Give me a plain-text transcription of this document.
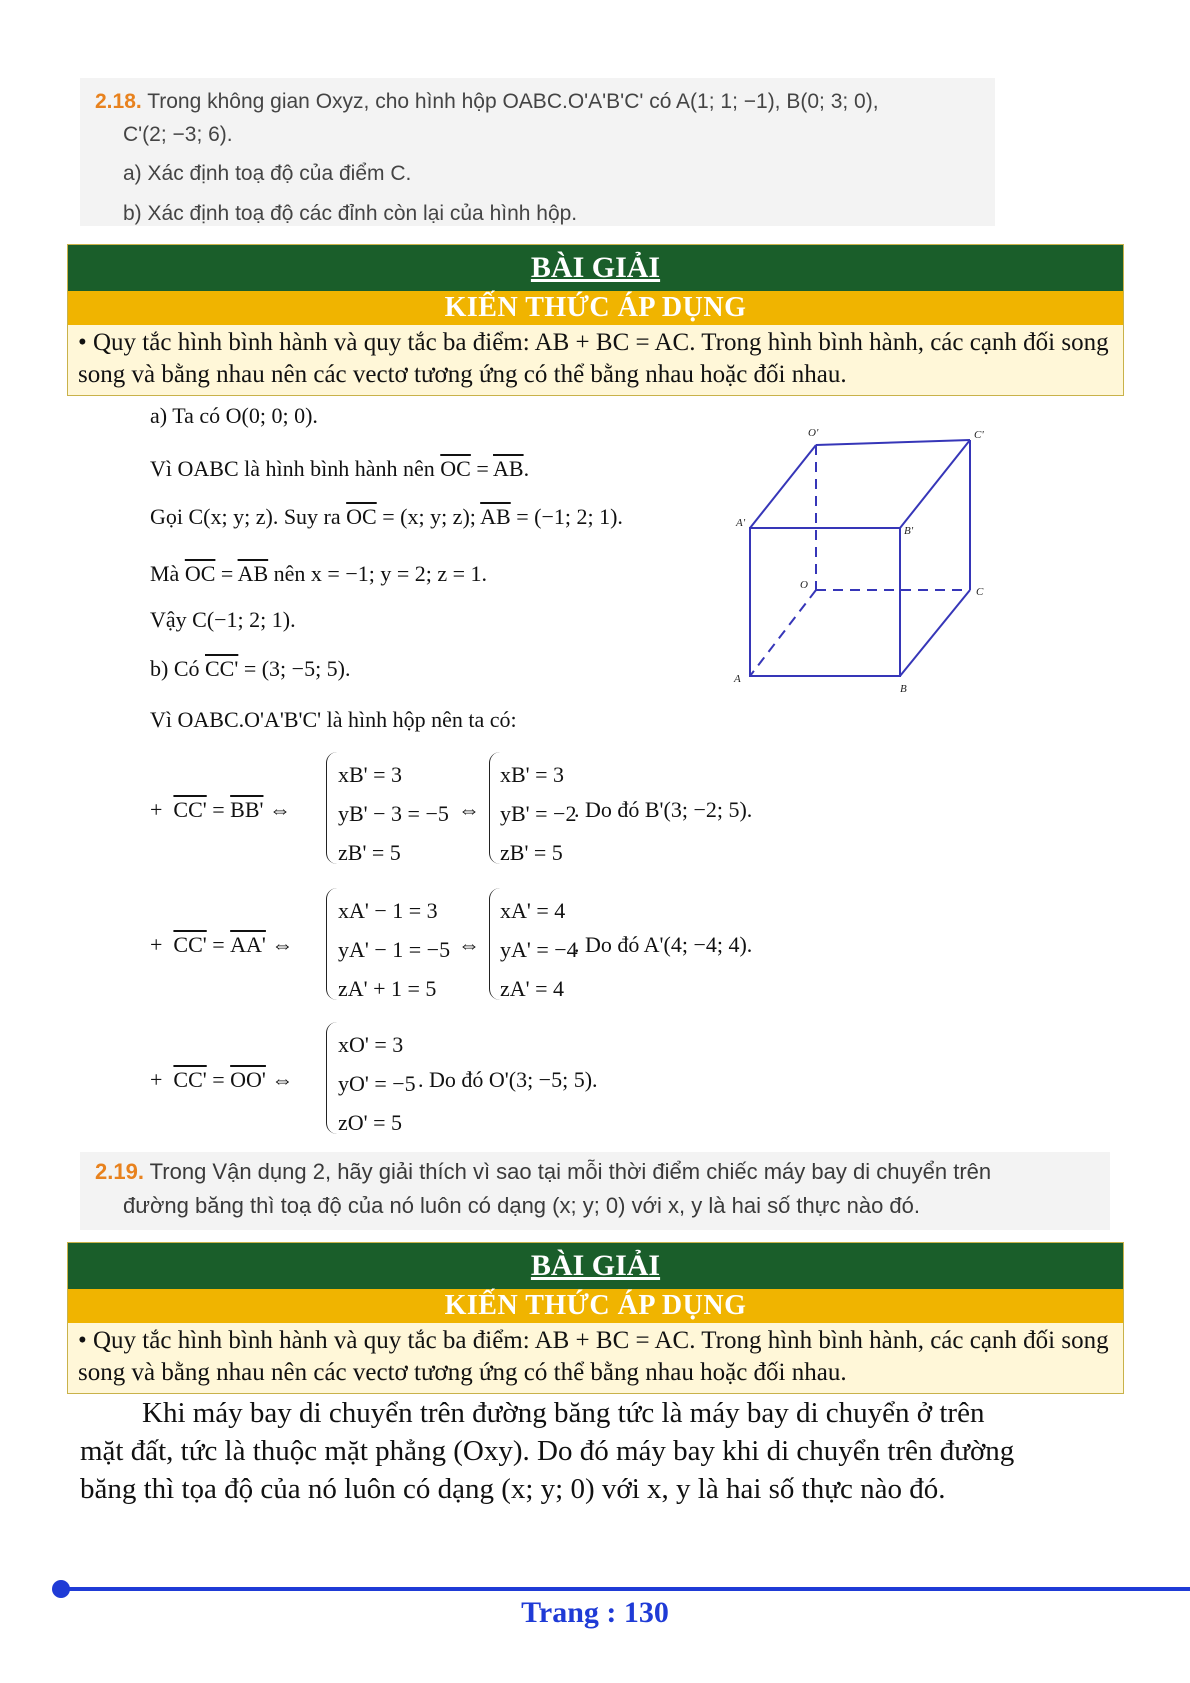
2.18. Trong không gian Oxyz, cho hình hộp OABC.O'A'B'C' có A(1; 1; −1), B(0; 3; 0),
C'(2; −3; 6).
a) Xác định toạ độ của điểm C.
b) Xác định toạ độ các đỉnh còn lại của hình hộp.
BÀI GIẢI
KIẾN THỨC ÁP DỤNG
• Quy tắc hình bình hành và quy tắc ba điểm: AB + BC = AC. Trong hình bình hành, các cạnh đối song song và bằng nhau nên các vectơ tương ứng có thể bằng nhau hoặc đối nhau.
a) Ta có O(0; 0; 0).
Vì OABC là hình bình hành nên $\overline{OC} = \overline{AB}$.
Gọi C(x; y; z). Suy ra $\overline{OC} = (x$; y; z); $\overline{AB} = (-1$; 2; 1).
Mà $\overline{OC} = \overline{AB}$ nên x = −1; y = 2; z = 1.
Vậy C(−1; 2; 1).
b) Có CC' = (3; −5; 5).
Vì OABC.O'A'B'C' là hình hộp nên ta có:
+ CC' = BB' ⇔
xB' = 3
yB' − 3 = −5
zB' = 5
⇔
xB' = 3
yB' = −2
zB' = 5
. Do đó B'(3; −2; 5).
+ CC' = AA' ⇔
xA' − 1 = 3
yA' − 1 = −5
zA' + 1 = 5
⇔
xA' = 4
yA' = −4
zA' = 4
. Do đó A'(4; −4; 4).
+ CC' = OO' ⇔
xO' = 3
yO' = −5
zO' = 5
. Do đó O'(3; −5; 5).
O'	C'
A'
B'
O
C
A
B
2.19. Trong Vận dụng 2, hãy giải thích vì sao tại mỗi thời điểm chiếc máy bay di chuyển trên
đường băng thì toạ độ của nó luôn có dạng (x; y; 0) với x, y là hai số thực nào đó.
BÀI GIẢI
KIẾN THỨC ÁP DỤNG
• Quy tắc hình bình hành và quy tắc ba điểm: AB + BC = AC. Trong hình bình hành, các cạnh đối song song và bằng nhau nên các vectơ tương ứng có thể bằng nhau hoặc đối nhau.
Khi máy bay di chuyển trên đường băng tức là máy bay di chuyển ở trên
mặt đất, tức là thuộc mặt phẳng (Oxy). Do đó máy bay khi di chuyển trên đường
băng thì tọa độ của nó luôn có dạng (x; y; 0) với x, y là hai số thực nào đó.
Trang : 130
